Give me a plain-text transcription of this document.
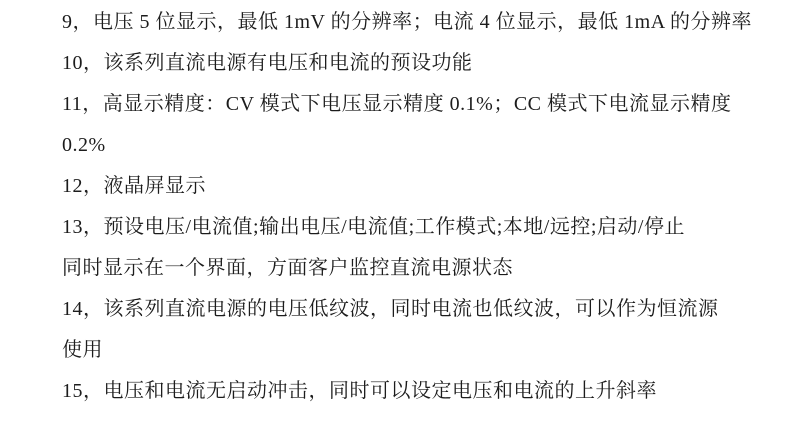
9，电压 5 位显示，最低 1mV 的分辨率；电流 4 位显示，最低 1mA 的分辨率

10，该系列直流电源有电压和电流的预设功能

11，高显示精度：CV 模式下电压显示精度 0.1%；CC 模式下电流显示精度

0.2%

12，液晶屏显示

13，预设电压/电流值;输出电压/电流值;工作模式;本地/远控;启动/停止

同时显示在一个界面，方面客户监控直流电源状态

14，该系列直流电源的电压低纹波，同时电流也低纹波，可以作为恒流源

使用

15，电压和电流无启动冲击，同时可以设定电压和电流的上升斜率
